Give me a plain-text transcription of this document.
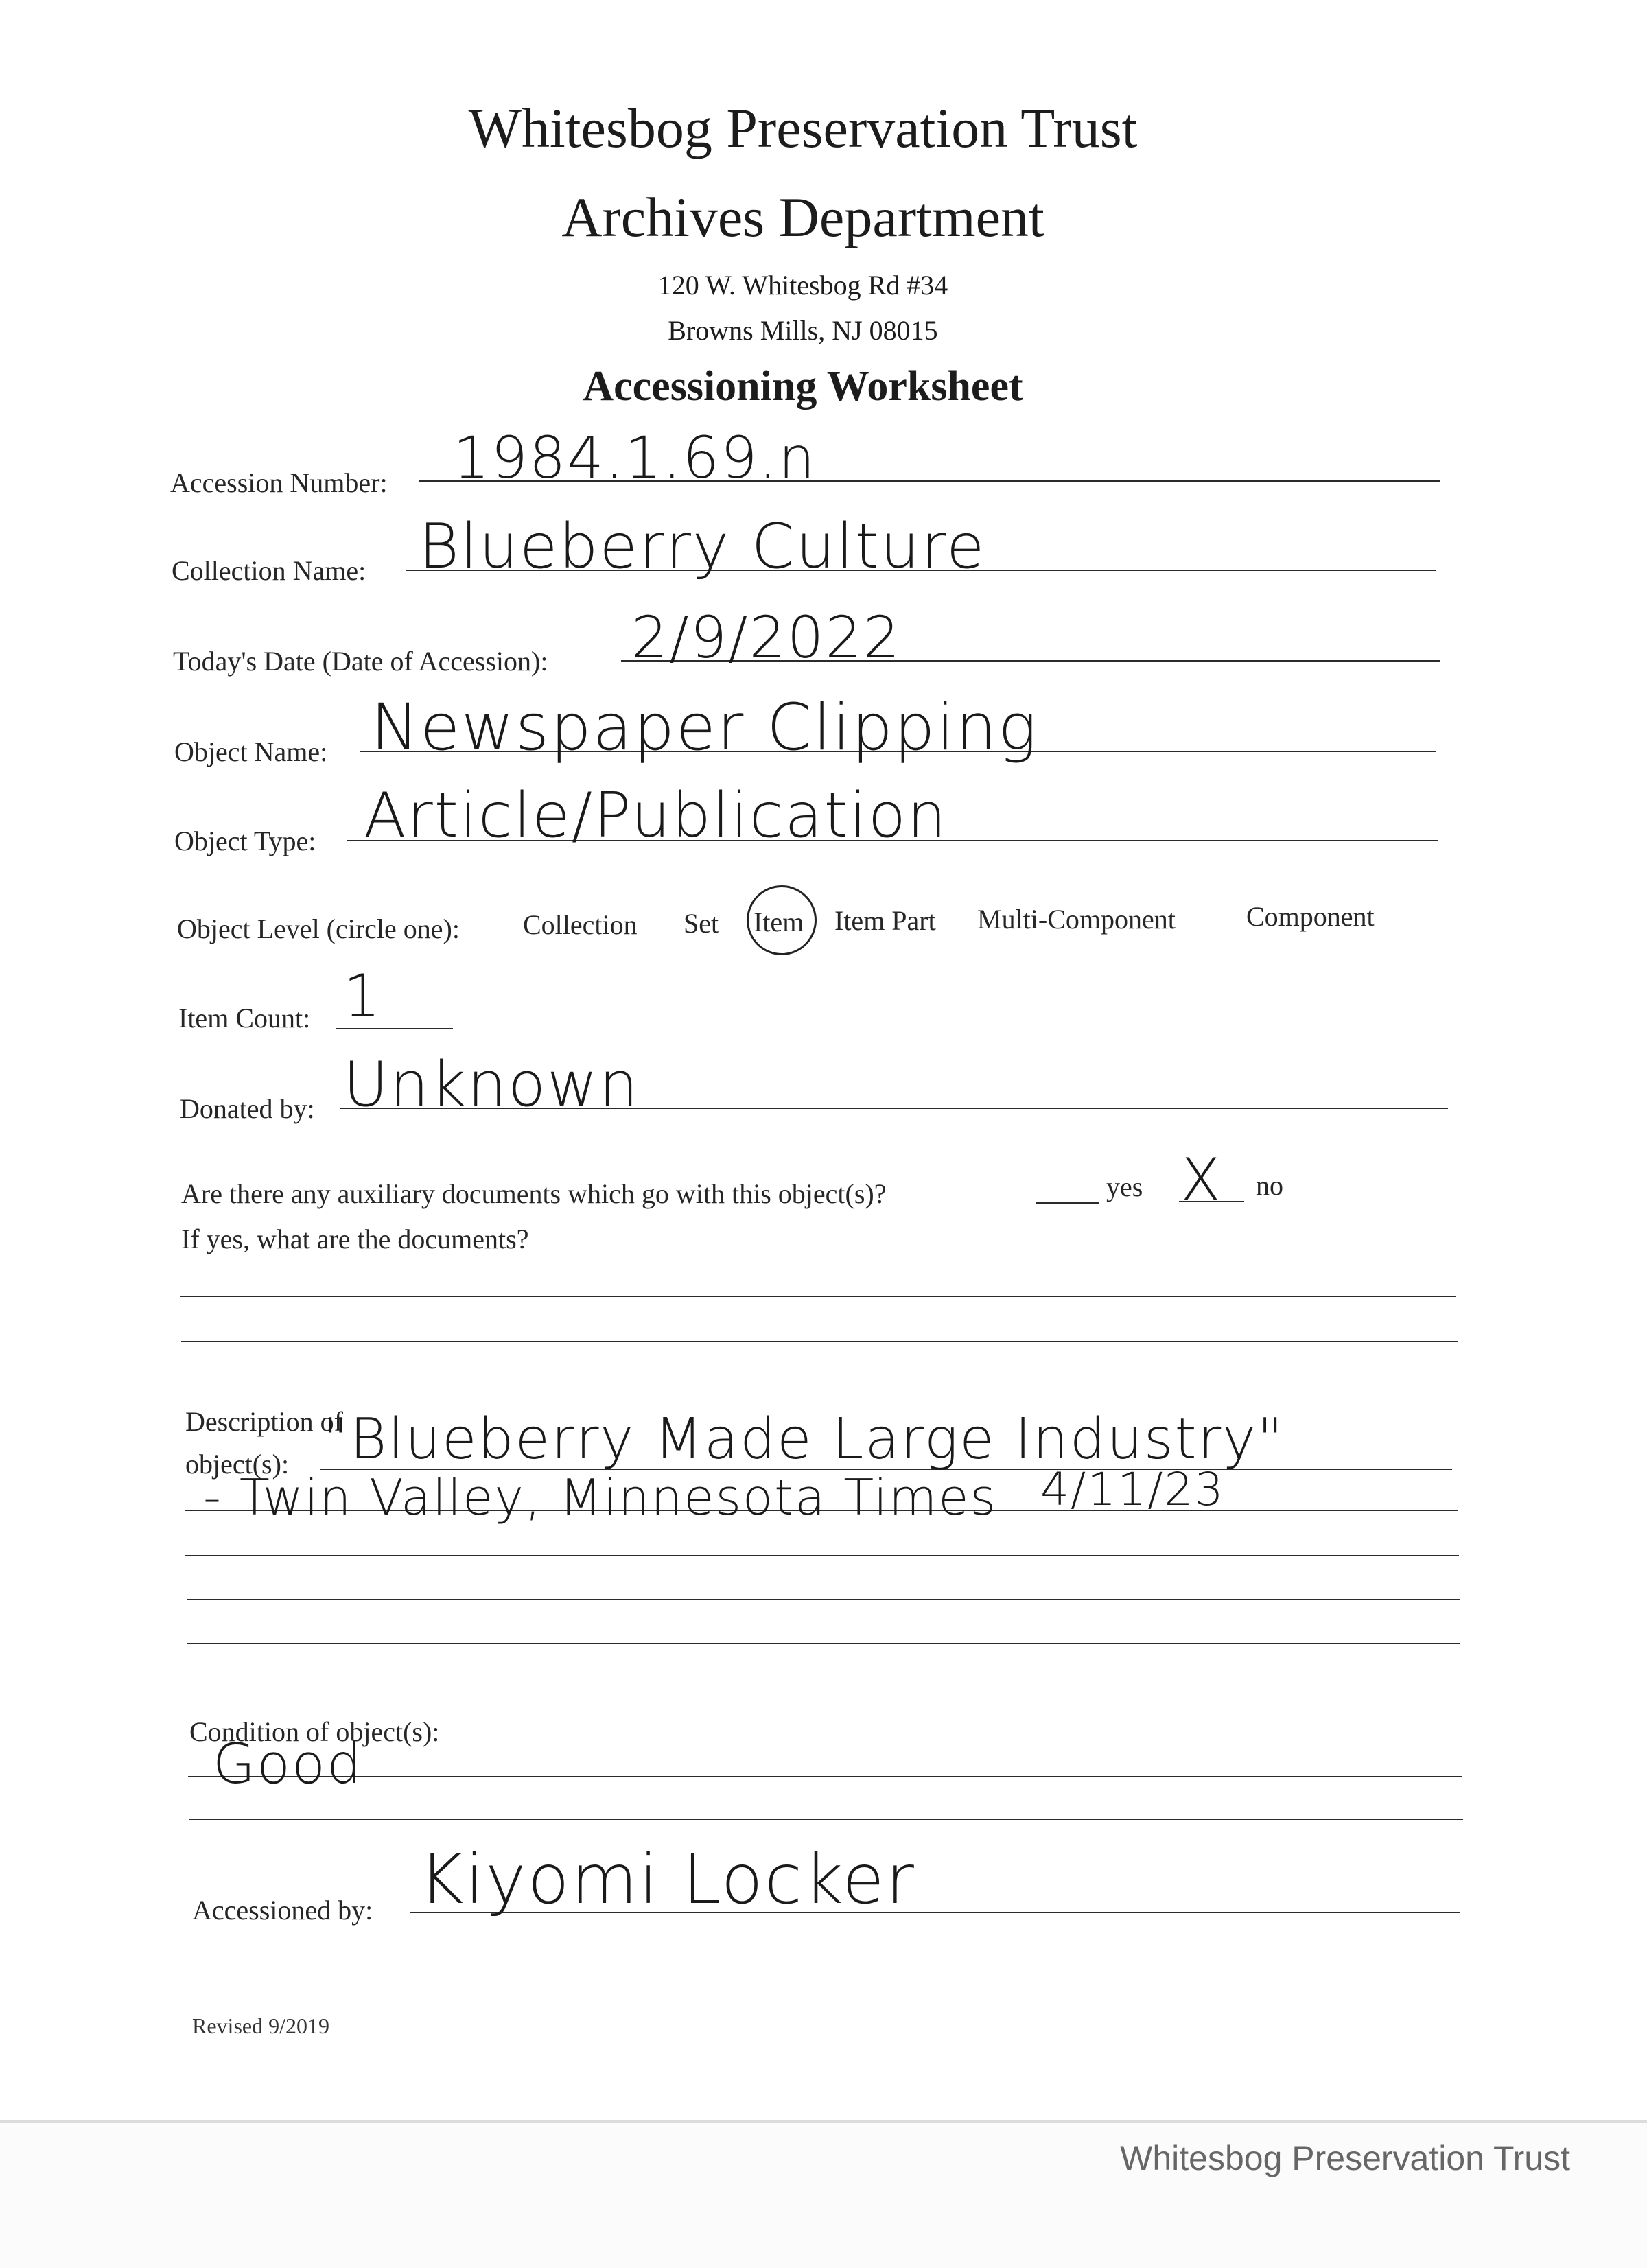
Whitesbog Preservation Trust
Archives Department
120 W. Whitesbog Rd #34
Browns Mills, NJ 08015
Accessioning Worksheet
Accession Number: 1984.1.69.n
Collection Name: Blueberry Culture
Today's Date (Date of Accession): 2/9/2022
Object Name: Newspaper Clipping
Object Type: Article/Publication
Object Level (circle one): Collection Set Item Item Part Multi-Component	Component
Item Count: 1
Donated by: Unknown
Are there any auxiliary documents which go with this object(s)?	yes X no
If yes, what are the documents?
Description of
object(s): "Blueberry Made Large Industry"
- Twin Valley, Minnesota Times 4/11/23
Condition of object(s):
Good
Accessioned by: Kiyomi Locker
Revised 9/2019
Whitesbog Preservation Trust
